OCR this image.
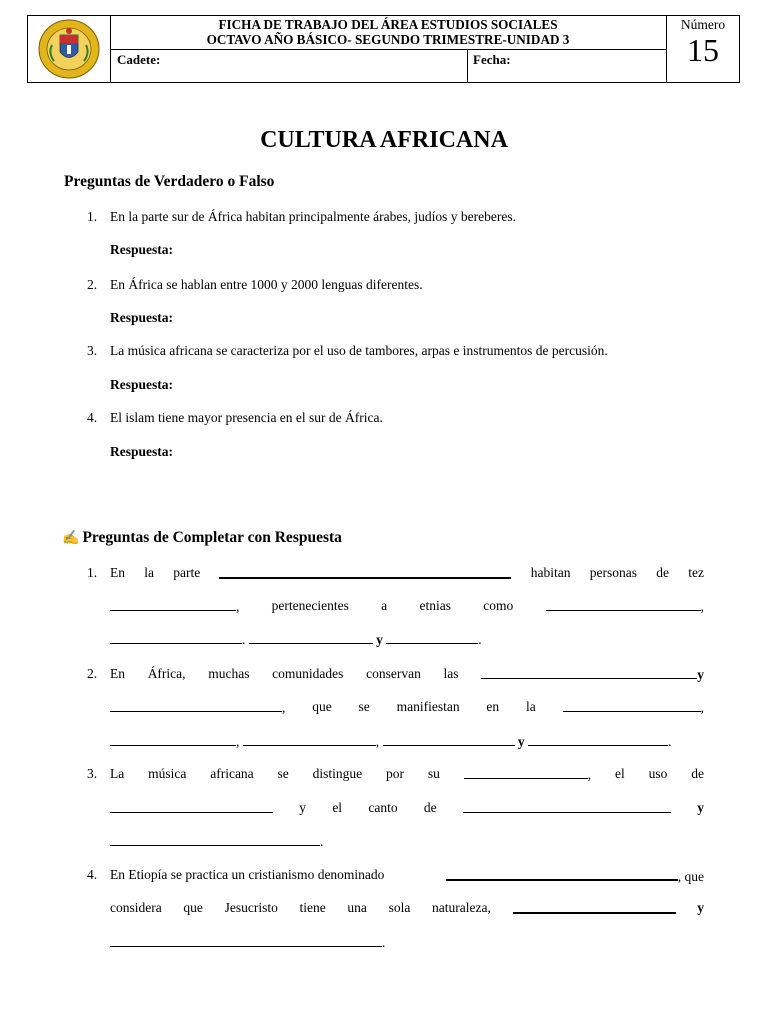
FICHA DE TRABAJO DEL ÁREA ESTUDIOS SOCIALES
OCTAVO AÑO BÁSICO- SEGUNDO TRIMESTRE-UNIDAD 3
Cadete:	Fecha:
Número
15
CULTURA AFRICANA
Preguntas de Verdadero o Falso
1. En la parte sur de África habitan principalmente árabes, judíos y bereberes.
Respuesta:
2. En África se hablan entre 1000 y 2000 lenguas diferentes.
Respuesta:
3. La música africana se caracteriza por el uso de tambores, arpas e instrumentos de percusión.
Respuesta:
4. El islam tiene mayor presencia en el sur de África.
Respuesta:
✍ Preguntas de Completar con Respuesta
1. En la parte	habitan personas de tez
, pertenecientes a etnias como	,
.	y	.
2. En África, muchas comunidades conservan las	y
, que se manifiestan en la	,
,	,	y	.
3. La música africana se distingue por su	, el uso de
y el canto de	y
.
4. En Etiopía se practica un cristianismo denominado	, que
considera que Jesucristo tiene una sola naturaleza,	y
.
